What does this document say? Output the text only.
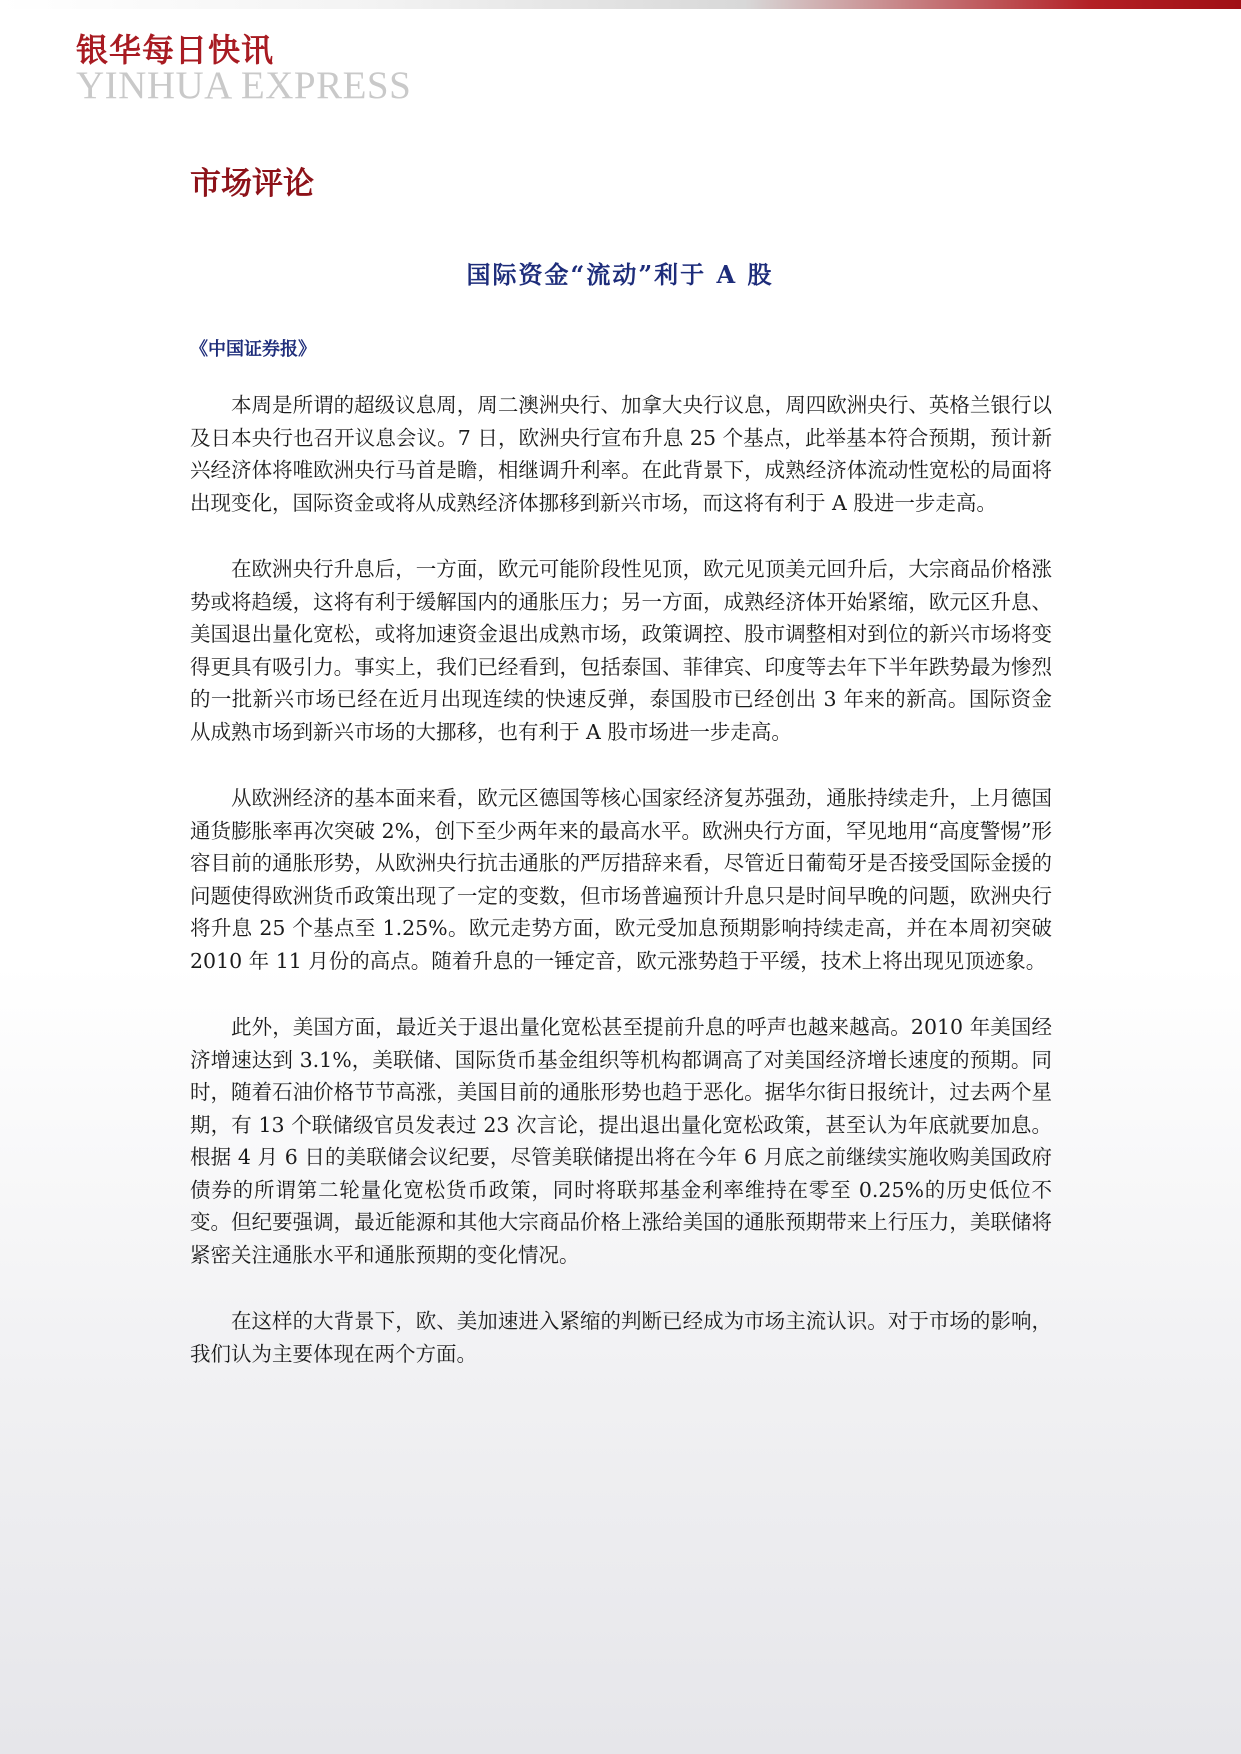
银华每日快讯
YINHUA EXPRESS
市场评论
国际资金“流动”利于 A 股
《中国证券报》

本周是所谓的超级议息周，周二澳洲央行、加拿大央行议息，周四欧洲央行、英格兰银行以及日本央行也召开议息会议。7 日，欧洲央行宣布升息 25 个基点，此举基本符合预期，预计新兴经济体将唯欧洲央行马首是瞻，相继调升利率。在此背景下，成熟经济体流动性宽松的局面将出现变化，国际资金或将从成熟经济体挪移到新兴市场，而这将有利于 A 股进一步走高。

在欧洲央行升息后，一方面，欧元可能阶段性见顶，欧元见顶美元回升后，大宗商品价格涨势或将趋缓，这将有利于缓解国内的通胀压力；另一方面，成熟经济体开始紧缩，欧元区升息、美国退出量化宽松，或将加速资金退出成熟市场，政策调控、股市调整相对到位的新兴市场将变得更具有吸引力。事实上，我们已经看到，包括泰国、菲律宾、印度等去年下半年跌势最为惨烈的一批新兴市场已经在近月出现连续的快速反弹，泰国股市已经创出 3 年来的新高。国际资金从成熟市场到新兴市场的大挪移，也有利于 A 股市场进一步走高。

从欧洲经济的基本面来看，欧元区德国等核心国家经济复苏强劲，通胀持续走升，上月德国通货膨胀率再次突破 2%，创下至少两年来的最高水平。欧洲央行方面，罕见地用“高度警惕”形容目前的通胀形势，从欧洲央行抗击通胀的严厉措辞来看，尽管近日葡萄牙是否接受国际金援的问题使得欧洲货币政策出现了一定的变数，但市场普遍预计升息只是时间早晚的问题，欧洲央行将升息 25 个基点至 1.25%。欧元走势方面，欧元受加息预期影响持续走高，并在本周初突破 2010 年 11 月份的高点。随着升息的一锤定音，欧元涨势趋于平缓，技术上将出现见顶迹象。

此外，美国方面，最近关于退出量化宽松甚至提前升息的呼声也越来越高。2010 年美国经济增速达到 3.1%，美联储、国际货币基金组织等机构都调高了对美国经济增长速度的预期。同时，随着石油价格节节高涨，美国目前的通胀形势也趋于恶化。据华尔街日报统计，过去两个星期，有 13 个联储级官员发表过 23 次言论，提出退出量化宽松政策，甚至认为年底就要加息。根据 4 月 6 日的美联储会议纪要，尽管美联储提出将在今年 6 月底之前继续实施收购美国政府债券的所谓第二轮量化宽松货币政策，同时将联邦基金利率维持在零至 0.25%的历史低位不变。但纪要强调，最近能源和其他大宗商品价格上涨给美国的通胀预期带来上行压力，美联储将紧密关注通胀水平和通胀预期的变化情况。

在这样的大背景下，欧、美加速进入紧缩的判断已经成为市场主流认识。对于市场的影响，我们认为主要体现在两个方面。
